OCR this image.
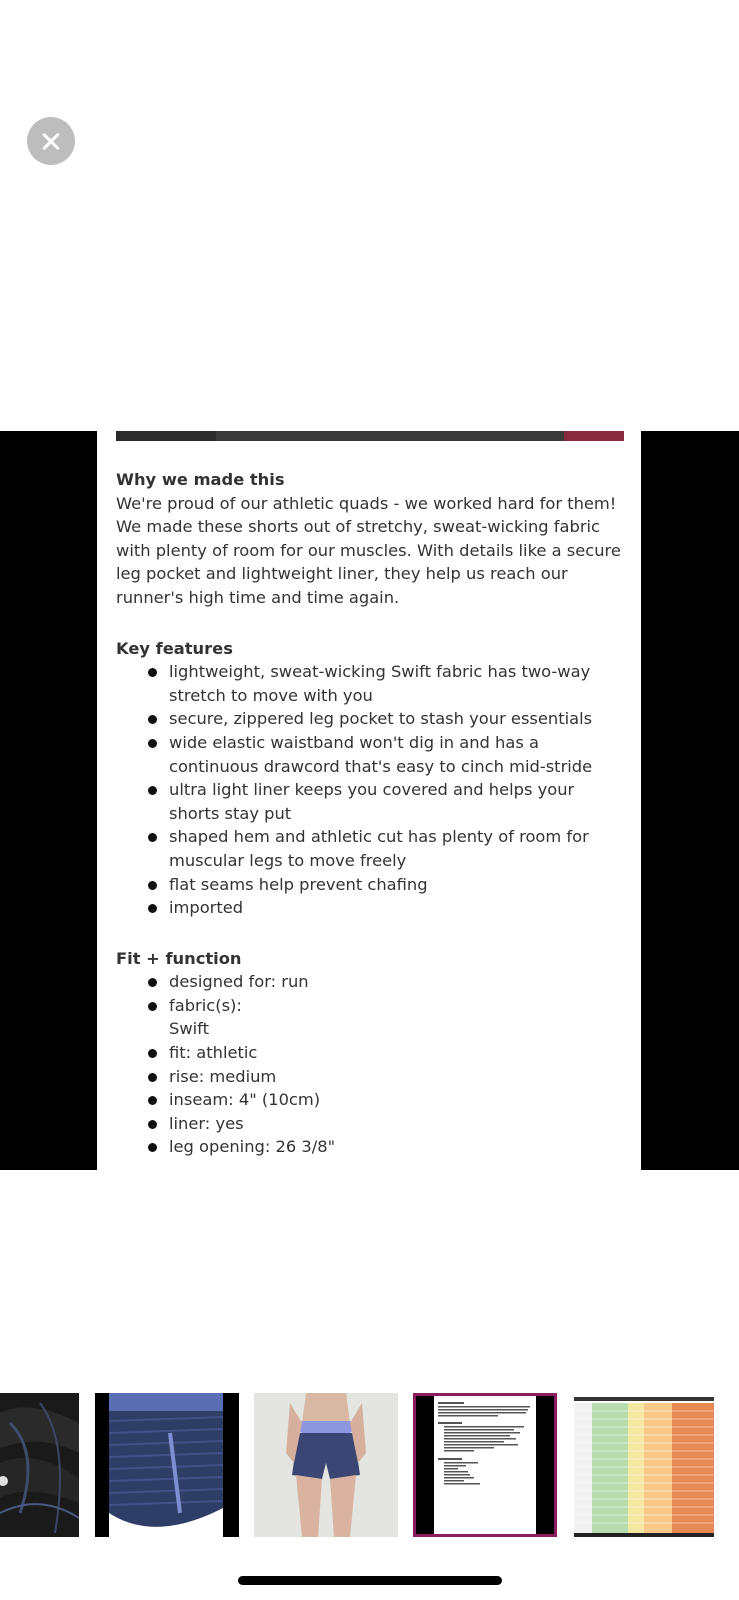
Why we made this
We're proud of our athletic quads - we worked hard for them! We made these shorts out of stretchy, sweat-wicking fabric with plenty of room for our muscles. With details like a secure leg pocket and lightweight liner, they help us reach our runner's high time and time again.
Key features
lightweight, sweat-wicking Swift fabric has two-way stretch to move with you
secure, zippered leg pocket to stash your essentials
wide elastic waistband won't dig in and has a continuous drawcord that's easy to cinch mid-stride
ultra light liner keeps you covered and helps your shorts stay put
shaped hem and athletic cut has plenty of room for muscular legs to move freely
flat seams help prevent chafing
imported
Fit + function
designed for: run
fabric(s):
Swift
fit: athletic
rise: medium
inseam: 4" (10cm)
liner: yes
leg opening: 26 3/8"
